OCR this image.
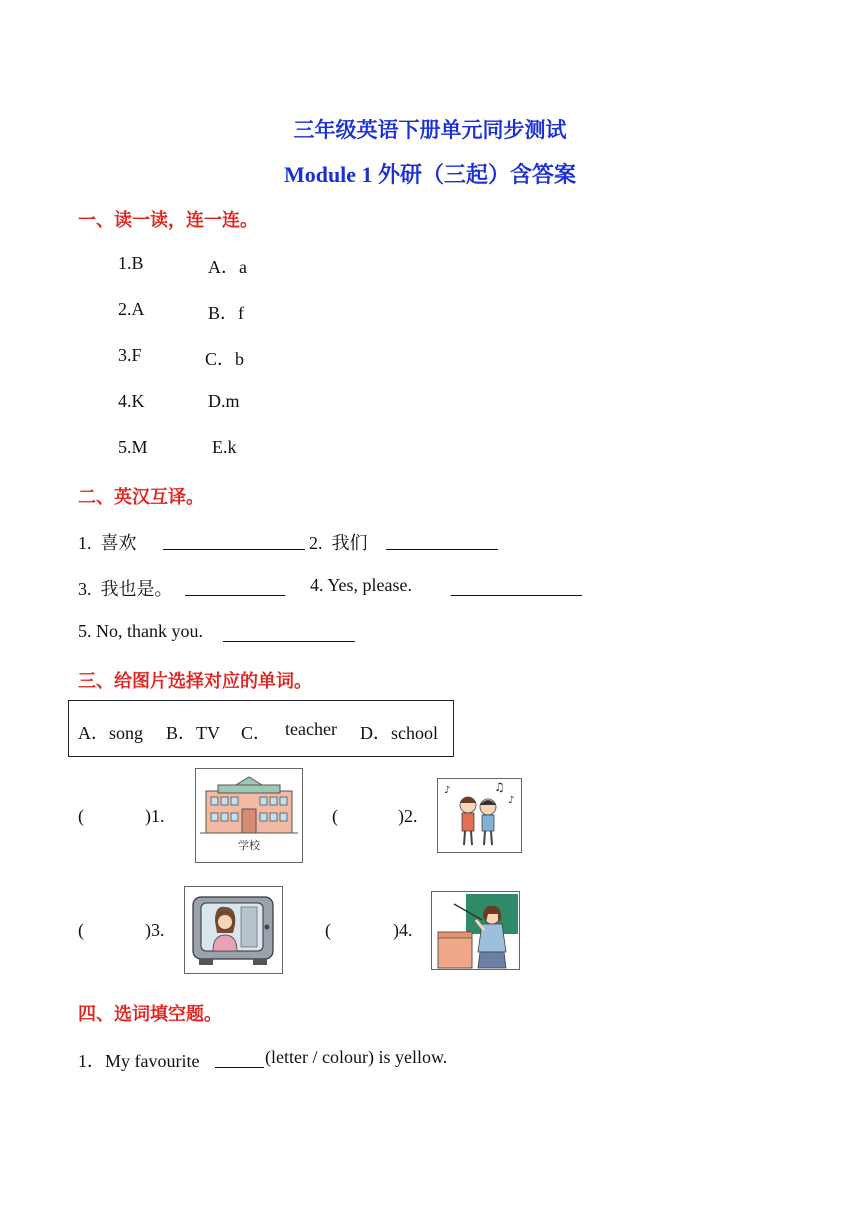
三年级英语下册单元同步测试
Module 1 外研（三起）含答案
一、读一读，连一连。
1.B	A．a
2.A	B．f
3.F	C．b
4.K	D.m
5.M	E.k
二、英汉互译。
1.  喜欢	2.  我们
3.  我也是。	4. Yes, please.
5. No, thank you.
三、给图片选择对应的单词。
A．song B．TV C． teacher D．school
(	)1.
学校
(	)2.
♪	♫
♪
(	)3.	(	)4.
四、选词填空题。
1．My favourite	(letter / colour) is yellow.
